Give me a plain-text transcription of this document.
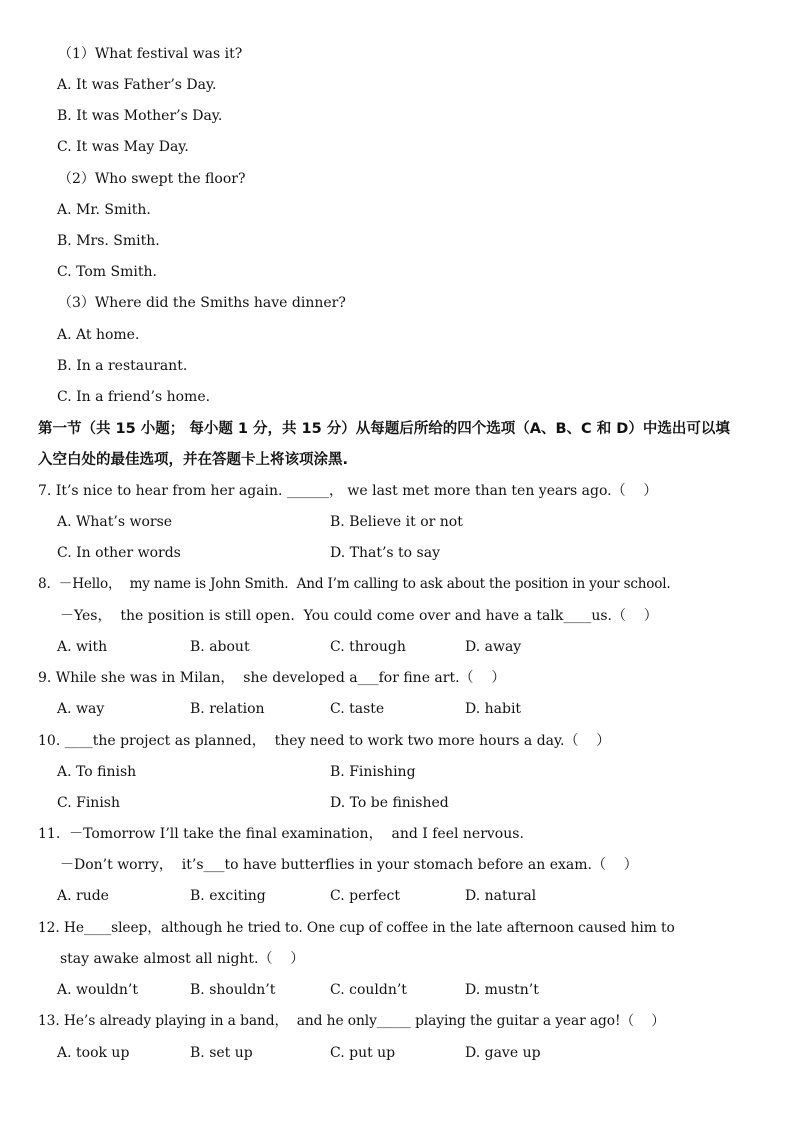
（1）What festival was it?
A. It was Father’s Day.
B. It was Mother’s Day.
C. It was May Day.
（2）Who swept the floor?
A. Mr. Smith.
B. Mrs. Smith.
C. Tom Smith.
（3）Where did the Smiths have dinner?
A. At home.
B. In a restaurant.
C. In a friend’s home.
第一节（共 15 小题； 每小题 1 分，共 15 分）从每题后所给的四个选项（A、B、C 和 D）中选出可以填
入空白处的最佳选项，并在答题卡上将该项涂黑.
7. It’s nice to hear from her again. ______， we last met more than ten years ago.（    ）
A. What’s worse	B. Believe it or not
C. In other words	D. That’s to say
8.  －Hello，  my name is John Smith.  And I’m calling to ask about the position in your school.
－Yes，  the position is still open.  You could come over and have a talk____us.（    ）
A. with	B. about	C. through	D. away
9. While she was in Milan，  she developed a___for fine art.（    ）
A. way	B. relation	C. taste	D. habit
10. ____the project as planned，  they need to work two more hours a day.（    ）
A. To finish	B. Finishing
C. Finish	D. To be finished
11.  －Tomorrow I’ll take the final examination，  and I feel nervous.
－Don’t worry，  it’s___to have butterflies in your stomach before an exam.（    ）
A. rude	B. exciting	C. perfect	D. natural
12. He____sleep，although he tried to. One cup of coffee in the late afternoon caused him to
stay awake almost all night.（    ）
A. wouldn’t	B. shouldn’t	C. couldn’t	D. mustn’t
13. He’s already playing in a band，  and he only_____ playing the guitar a year ago!（    ）
A. took up	B. set up	C. put up	D. gave up
